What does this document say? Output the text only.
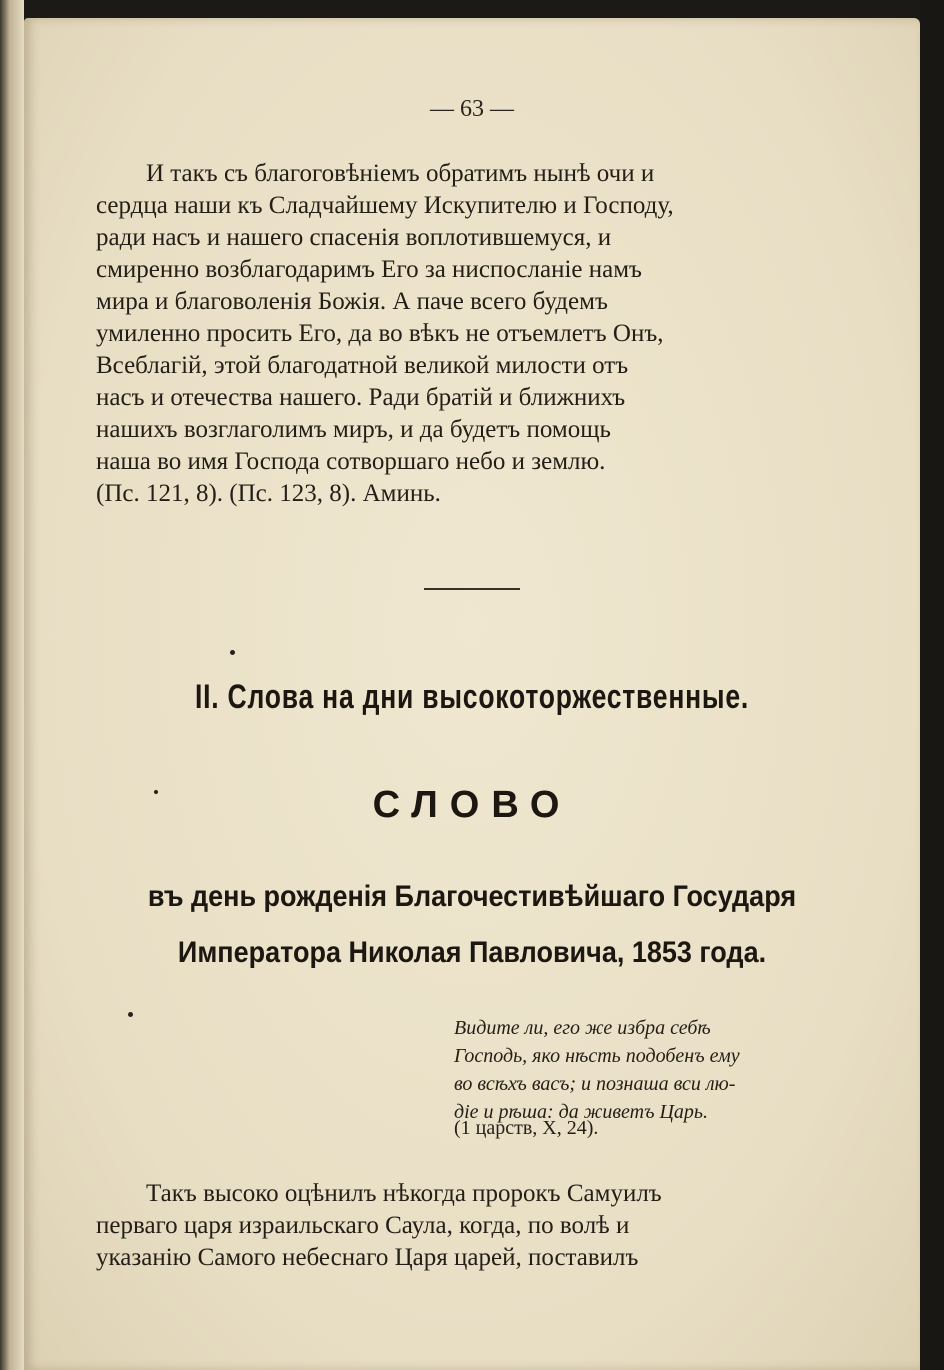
— 63 —
И такъ съ благоговѣніемъ обратимъ нынѣ очи и
сердца наши къ Сладчайшему Искупителю и Господу,
ради насъ и нашего спасенія воплотившемуся, и
смиренно возблагодаримъ Его за ниспосланіе намъ
мира и благоволенія Божія. А паче всего будемъ
умиленно просить Его, да во вѣкъ не отъемлетъ Онъ,
Всеблагій, этой благодатной великой милости отъ
насъ и отечества нашего. Ради братій и ближнихъ
нашихъ возглаголимъ миръ, и да будетъ помощь
наша во имя Господа сотворшаго небо и землю.
(Пс. 121, 8). (Пс. 123, 8). Аминь.
II. Слова на дни высокоторжественные.
СЛОВО
въ день рожденія Благочестивѣйшаго Государя
Императора Николая Павловича, 1853 года.
Видите ли, его же избра себѣ
Господь, яко нѣсть подобенъ ему
во всѣхъ васъ; и познаша вси лю-
діе и рѣша: да живетъ Царь.
(1 царств, X, 24).
Такъ высоко оцѣнилъ нѣкогда пророкъ Самуилъ
перваго царя израильскаго Саула, когда, по волѣ и
указанію Самого небеснаго Царя царей, поставилъ
